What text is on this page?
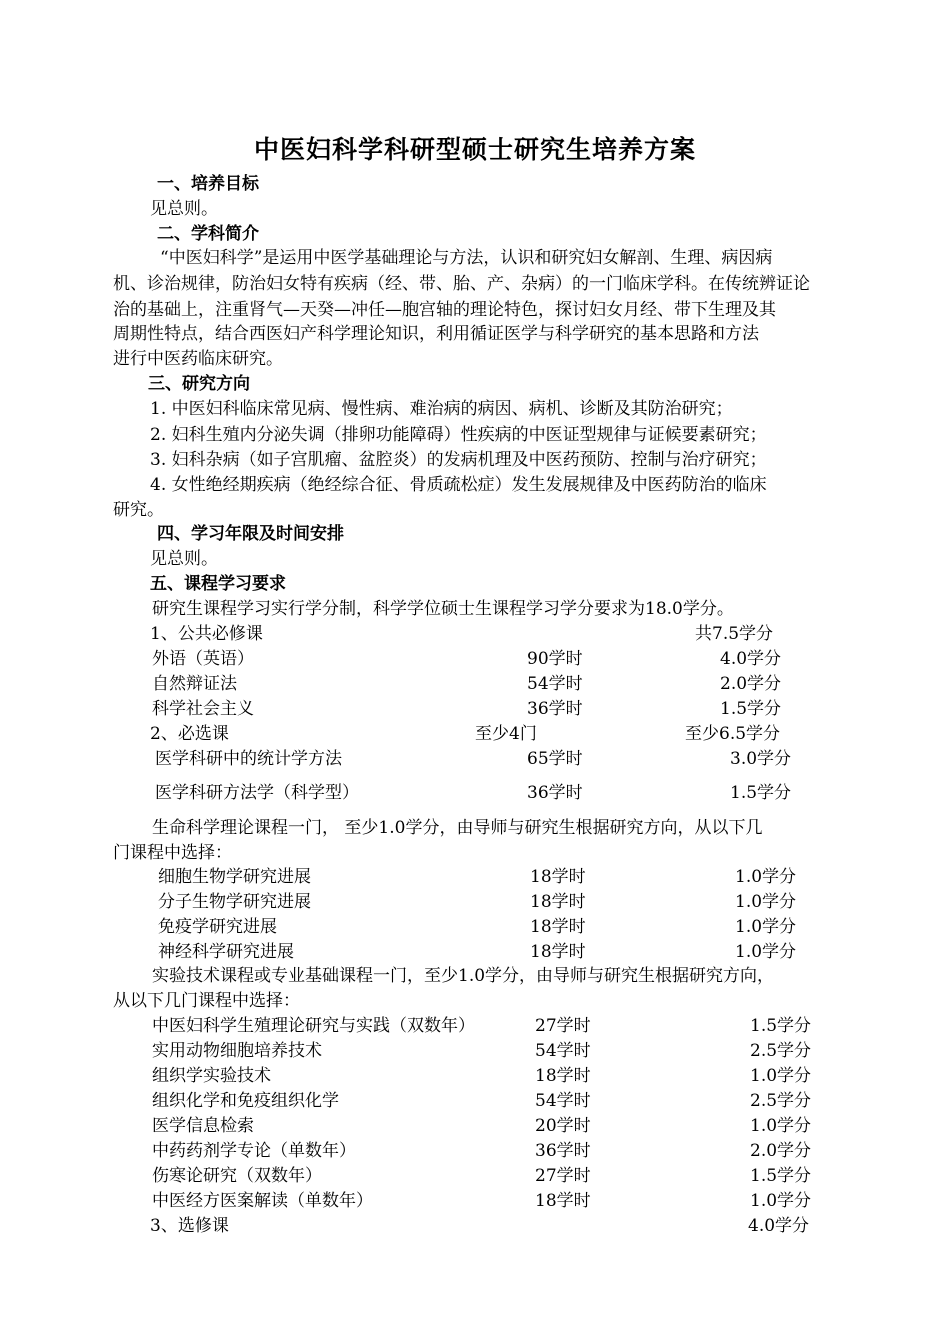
中医妇科学科研型硕士研究生培养方案
一、培养目标
见总则。
二、学科简介
“中医妇科学”是运用中医学基础理论与方法，认识和研究妇女解剖、生理、病因病
机、诊治规律，防治妇女特有疾病（经、带、胎、产、杂病）的一门临床学科。在传统辨证论
治的基础上，注重肾气—天癸—冲任—胞宫轴的理论特色，探讨妇女月经、带下生理及其
周期性特点，结合西医妇产科学理论知识，利用循证医学与科学研究的基本思路和方法
进行中医药临床研究。
三、研究方向
1. 中医妇科临床常见病、慢性病、难治病的病因、病机、诊断及其防治研究；
2. 妇科生殖内分泌失调（排卵功能障碍）性疾病的中医证型规律与证候要素研究；
3. 妇科杂病（如子宫肌瘤、盆腔炎）的发病机理及中医药预防、控制与治疗研究；
4. 女性绝经期疾病（绝经综合征、骨质疏松症）发生发展规律及中医药防治的临床
研究。
四、学习年限及时间安排
见总则。
五、课程学习要求
研究生课程学习实行学分制，科学学位硕士生课程学习学分要求为18.0学分。
1、公共必修课	共7.5学分
外语（英语）	90学时	4.0学分
自然辩证法	54学时	2.0学分
科学社会主义	36学时	1.5学分
2、必选课	至少4门	至少6.5学分
医学科研中的统计学方法	65学时	3.0学分
医学科研方法学（科学型）	36学时	1.5学分
生命科学理论课程一门， 至少1.0学分，由导师与研究生根据研究方向，从以下几
门课程中选择：
细胞生物学研究进展	18学时	1.0学分
分子生物学研究进展	18学时	1.0学分
免疫学研究进展	18学时	1.0学分
神经科学研究进展	18学时	1.0学分
实验技术课程或专业基础课程一门，至少1.0学分，由导师与研究生根据研究方向，
从以下几门课程中选择：
中医妇科学生殖理论研究与实践（双数年）	27学时	1.5学分
实用动物细胞培养技术	54学时	2.5学分
组织学实验技术	18学时	1.0学分
组织化学和免疫组织化学	54学时	2.5学分
医学信息检索	20学时	1.0学分
中药药剂学专论（单数年）	36学时	2.0学分
伤寒论研究（双数年）	27学时	1.5学分
中医经方医案解读（单数年）	18学时	1.0学分
3、选修课	4.0学分
